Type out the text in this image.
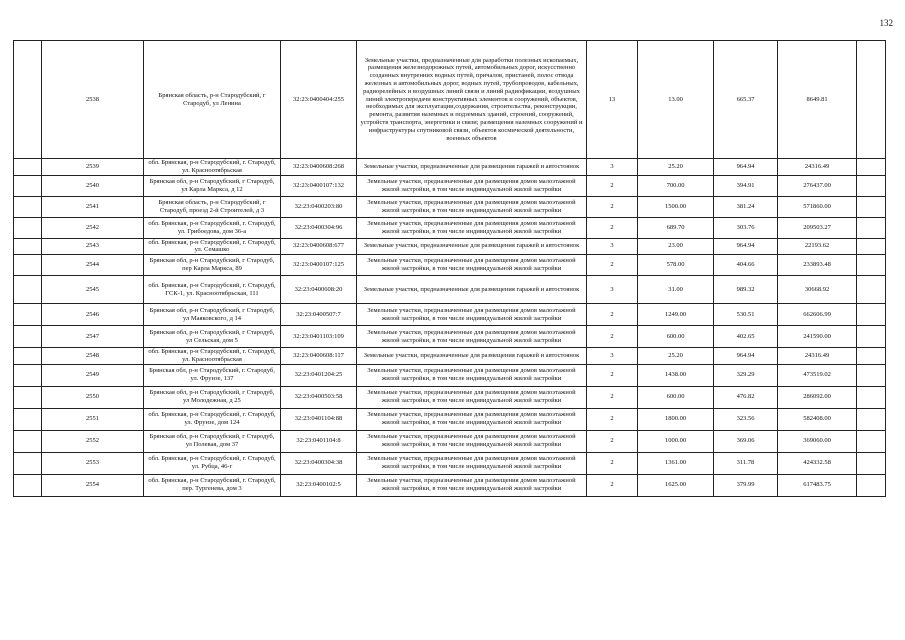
132
	2538	Брянская область, р-н Стародубский, г Стародуб, ул Ленина	32:23:0400404:255	Земельные участки, предназначенные для разработки полезных ископаемых, размещения железнодорожных путей, автомобильных дорог, искусственно созданных внутренних водных путей, причалов, пристаней, полос отвода железных и автомобильных дорог, водных путей, трубопроводов, кабельных, радиорелейных и воздушных линий связи и линий радиофикации, воздушных линий электропередачи конструктивных элементов и сооружений, объектов, необходимых для эксплуатации,содержания, строительства, реконструкции, ремонта, развития наземных и подземных зданий, строений, сооружений, устройств транспорта, энергетики и связи; размещения наземных сооружений и инфраструктуры спутниковой связи, объектов космической деятельности, военных объектов	13	13.00	665.37	8649.81	
	2539	обл. Брянская, р-н Стародубский, г. Стародуб, ул. Красноотябрьская	32:23:0400608:268	Земельные участки, предназначенные для размещения гаражей и автостоянок	3	25.20	964.94	24316.49	
	2540	Брянская обл, р-н Стародубский, г Стародуб, ул Карла Маркса, д 12	32:23:0400107:132	Земельные участки, предназначенные для размещения домов малоэтажной жилой застройки, в том числе индивидуальной жилой застройки	2	700.00	394.91	276437.00	
	2541	Брянская область, р-н Стародубский, г Стародуб, проезд 2-й Строителей, д 3	32:23:0400203:80	Земельные участки, предназначенные для размещения домов малоэтажной жилой застройки, в том числе индивидуальной жилой застройки	2	1500.00	381.24	571860.00	
	2542	обл. Брянская, р-н Стародубский, г. Стародуб, ул. Грибоедова, дом 36-а	32:23:0400304:96	Земельные участки, предназначенные для размещения домов малоэтажной жилой застройки, в том числе индивидуальной жилой застройки	2	689.70	303.76	209503.27	
	2543	обл. Брянская, р-н Стародубский, г. Стародуб, ул. Семашко	32:23:0400608:677	Земельные участки, предназначенные для размещения гаражей и автостоянок	3	23.00	964.94	22193.62	
	2544	Брянская обл, р-н Стародубский, г Стародуб, пер Карла Маркса, 89	32:23:0400107:125	Земельные участки, предназначенные для размещения домов малоэтажной жилой застройки, в том числе индивидуальной жилой застройки	2	578.00	404.66	233893.48	
	2545	обл. Брянская, р-н Стародубский, г. Стародуб, ГСК-1, ул. Красноотябрьская, 111	32:23:0400608:20	Земельные участки, предназначенные для размещения гаражей и автостоянок	3	31.00	989.32	30668.92	
	2546	Брянская обл, р-н Стародубский, г Стародуб, ул Маяковского, д 14	32:23:0400507:7	Земельные участки, предназначенные для размещения домов малоэтажной жилой застройки, в том числе индивидуальной жилой застройки	2	1249.00	530.51	662606.99	
	2547	Брянская обл, р-н Стародубский, г Стародуб, ул Сельская, дом 5	32:23:0401103:109	Земельные участки, предназначенные для размещения домов малоэтажной жилой застройки, в том числе индивидуальной жилой застройки	2	600.00	402.65	241590.00	
	2548	обл. Брянская, р-н Стародубский, г. Стародуб, ул. Красноотябрьская	32:23:0400608:117	Земельные участки, предназначенные для размещения гаражей и автостоянок	3	25.20	964.94	24316.49	
	2549	Брянская обл, р-н Стародубский, г. Стародуб, ул. Фрунзе, 137	32:23:0401204:25	Земельные участки, предназначенные для размещения домов малоэтажной жилой застройки, в том числе индивидуальной жилой застройки	2	1438.00	329.29	473519.02	
	2550	Брянская обл, р-н Стародубский, г Стародуб, ул Молодежная, д 25	32:23:0400503:58	Земельные участки, предназначенные для размещения домов малоэтажной жилой застройки, в том числе индивидуальной жилой застройки	2	600.00	476.82	286092.00	
	2551	обл. Брянская, р-н Стародубский, г. Стародуб, ул. Фрунзе, дом 124	32:23:0401104:88	Земельные участки, предназначенные для размещения домов малоэтажной жилой застройки, в том числе индивидуальной жилой застройки	2	1800.00	323.56	582408.00	
	2552	Брянская обл, р-н Стародубский, г Стародуб, ул Полевая, дом 37	32:23:0401104:8	Земельные участки, предназначенные для размещения домов малоэтажной жилой застройки, в том числе индивидуальной жилой застройки	2	1000.00	369.06	369060.00	
	2553	обл. Брянская, р-н Стародубский, г. Стародуб, ул. Рубца, 46-г	32:23:0400304:38	Земельные участки, предназначенные для размещения домов малоэтажной жилой застройки, в том числе индивидуальной жилой застройки	2	1361.00	311.78	424332.58	
	2554	обл. Брянская, р-н Стародубский, г. Стародуб, пер. Тургенева, дом 3	32:23:0400102:5	Земельные участки, предназначенные для размещения домов малоэтажной жилой застройки, в том числе индивидуальной жилой застройки	2	1625.00	379.99	617483.75	
